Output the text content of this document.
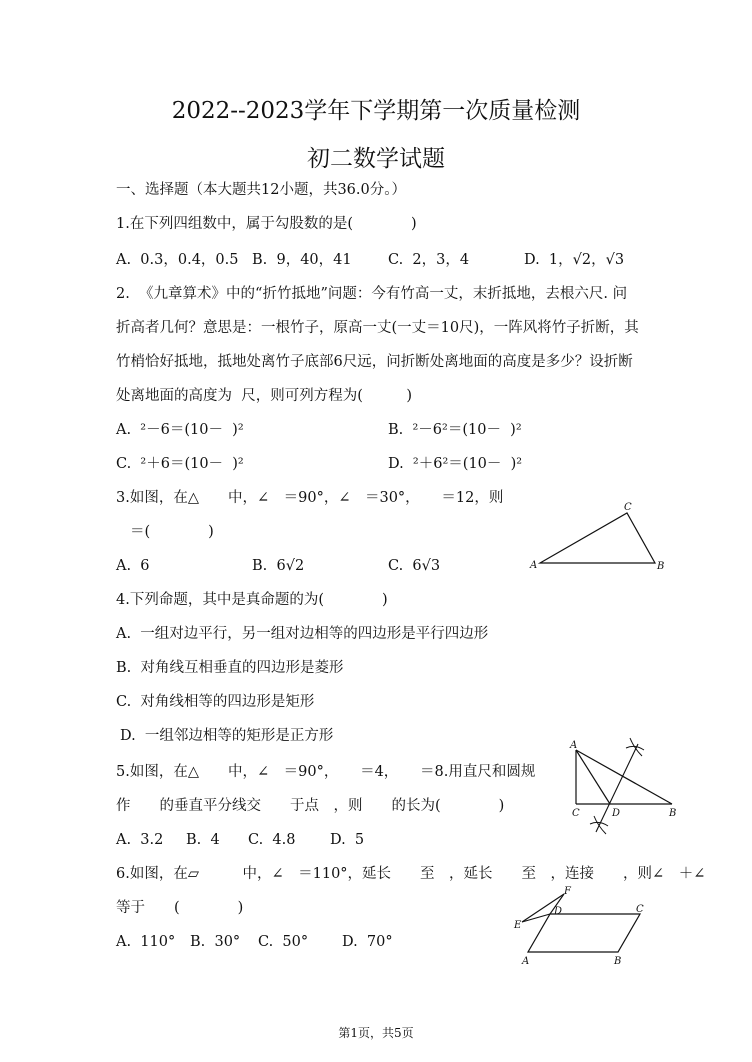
2022--2023学年下学期第一次质量检测
初二数学试题
一、选择题（本大题共12小题，共36.0分。）
1.在下列四组数中，属于勾股数的是(　　　　)
A.  0.3，0.4，0.5 B.  9，40，41	C.  2，3，4	D.  1，√2，√3
2.  《九章算术》中的“折竹抵地”问题：今有竹高一丈，末折抵地，去根六尺. 问
折高者几何？意思是：一根竹子，原高一丈(一丈＝10尺)，一阵风将竹子折断，其
竹梢恰好抵地，抵地处离竹子底部6尺远，问折断处离地面的高度是多少？设折断
处离地面的高度为  尺，则可列方程为(　　　)
A.  ²－6＝(10－  )²	B.  ²－6²＝(10－  )²
C.  ²＋6＝(10－  )²	D.  ²＋6²＝(10－  )²
3.如图，在△　　中，∠　＝90°，∠　＝30°，　　＝12，则
＝(　　　　)
A.  6	B.  6√2	C.  6√3	A	B
C
4.下列命题，其中是真命题的为(　　　　)
A.  一组对边平行，另一组对边相等的四边形是平行四边形
B.  对角线互相垂直的四边形是菱形
C.  对角线相等的四边形是矩形
D.  一组邻边相等的矩形是正方形
5.如图，在△　　中，∠　＝90°，　　＝4，　　＝8.用直尺和圆规
作　　的垂直平分线交　　于点　，则　　的长为(　　　　)
A.  3.2 B.  4 C.  4.8 D.  5
A
B
C	D
6.如图，在▱　　　中，∠　＝110°，延长　　至　，延长　　至　，连接　　，则∠　＋∠
等于　　(　　　　)
A.  110° B.  30° C.  50° D.  70°
A	B
C
D
E
F
第1页，共5页
